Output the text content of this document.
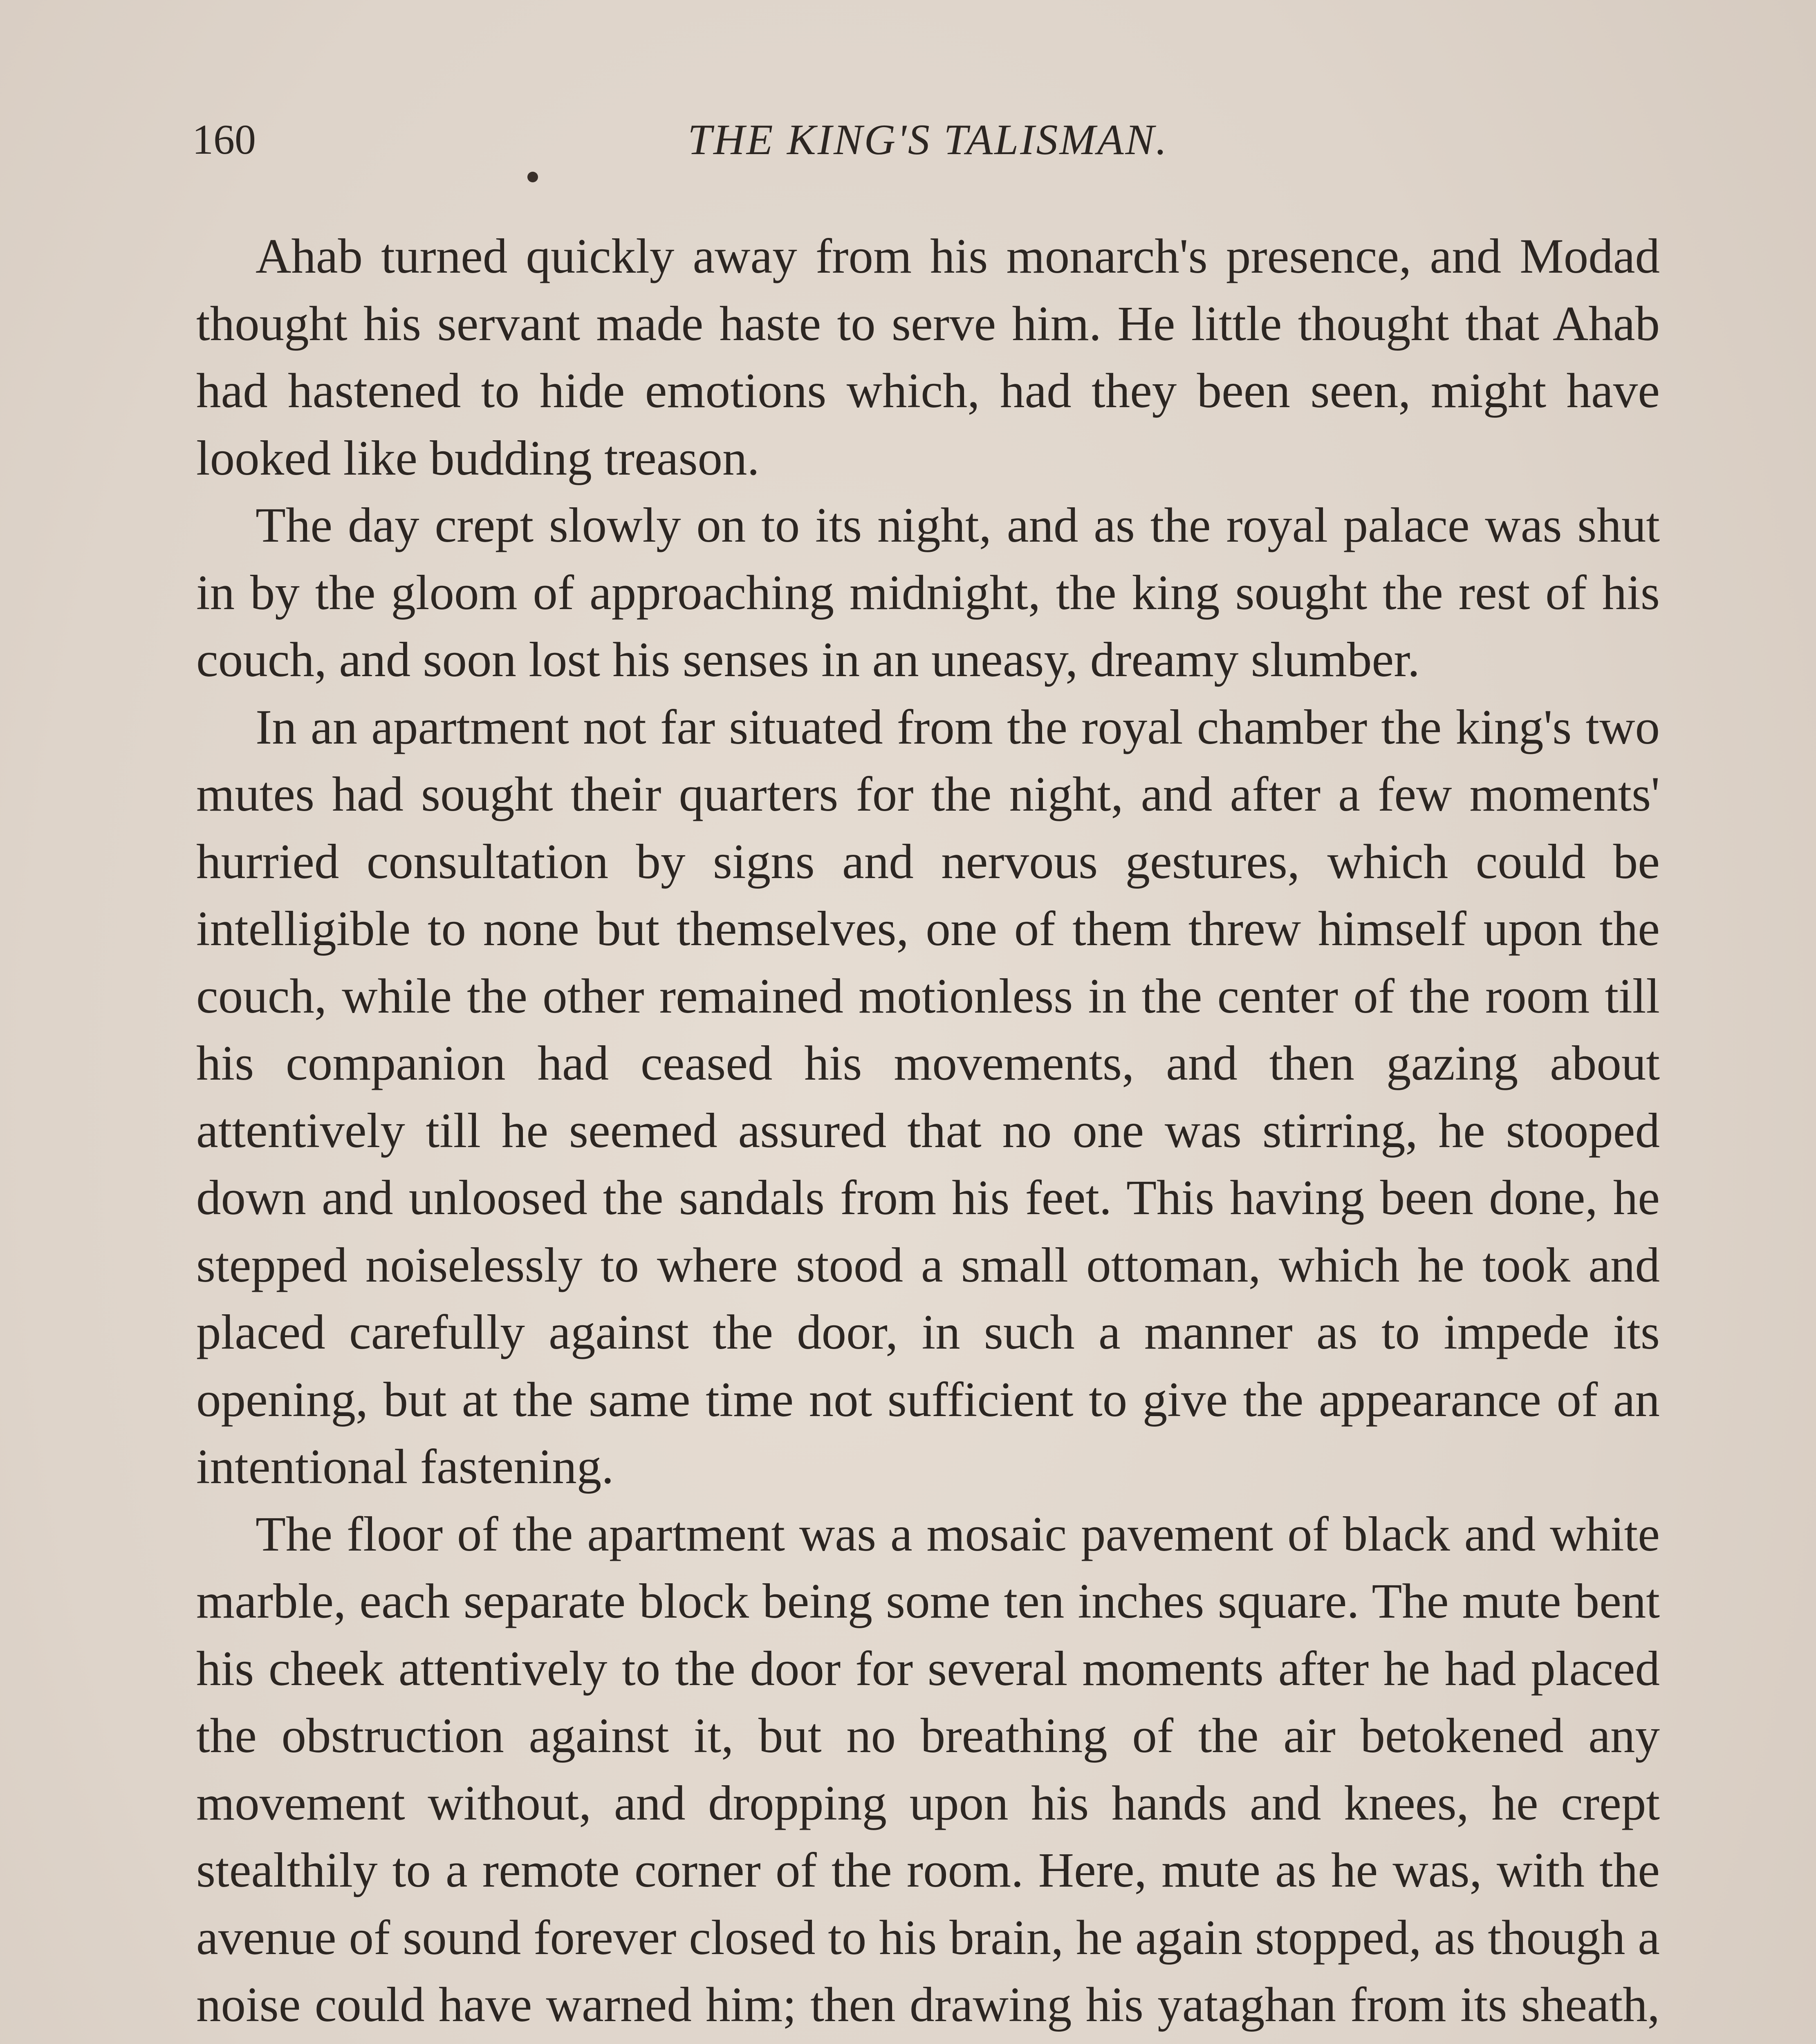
160	THE KING'S TALISMAN.

Ahab turned quickly away from his monarch's presence, and Modad thought his servant made haste to serve him. He little thought that Ahab had hastened to hide emotions which, had they been seen, might have looked like budding treason.

The day crept slowly on to its night, and as the royal palace was shut in by the gloom of approaching midnight, the king sought the rest of his couch, and soon lost his senses in an uneasy, dreamy slumber.

In an apartment not far situated from the royal chamber the king's two mutes had sought their quarters for the night, and after a few moments' hurried consultation by signs and nervous gestures, which could be intelligible to none but themselves, one of them threw himself upon the couch, while the other remained motionless in the center of the room till his companion had ceased his movements, and then gazing about attentively till he seemed assured that no one was stirring, he stooped down and unloosed the sandals from his feet. This having been done, he stepped noiselessly to where stood a small ottoman, which he took and placed carefully against the door, in such a manner as to impede its opening, but at the same time not sufficient to give the appearance of an intentional fastening.

The floor of the apartment was a mosaic pavement of black and white marble, each separate block being some ten inches square. The mute bent his cheek attentively to the door for several moments after he had placed the obstruction against it, but no breathing of the air betokened any movement without, and dropping upon his hands and knees, he crept stealthily to a remote corner of the room. Here, mute as he was, with the avenue of sound forever closed to his brain, he again stopped, as though a noise could have warned him; then drawing his yataghan from its sheath,
